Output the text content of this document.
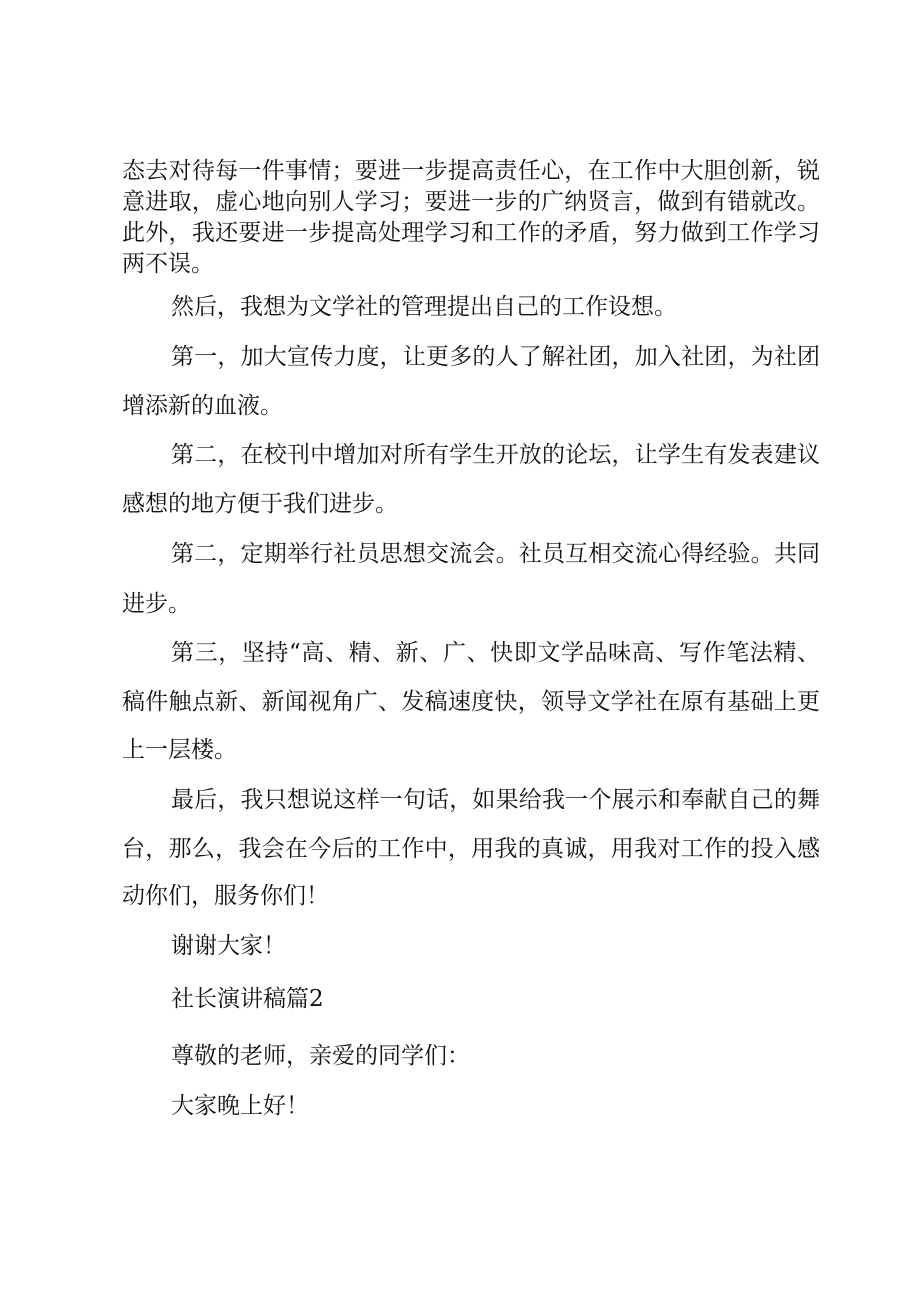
态去对待每一件事情；要进一步提高责任心，在工作中大胆创新，锐
意进取，虚心地向别人学习；要进一步的广纳贤言，做到有错就改。
此外，我还要进一步提高处理学习和工作的矛盾，努力做到工作学习
两不误。
然后，我想为文学社的管理提出自己的工作设想。
第一，加大宣传力度，让更多的人了解社团，加入社团，为社团
增添新的血液。
第二，在校刊中增加对所有学生开放的论坛，让学生有发表建议
感想的地方便于我们进步。
第二，定期举行社员思想交流会。社员互相交流心得经验。共同
进步。
第三，坚持“高、精、新、广、快即文学品味高、写作笔法精、
稿件触点新、新闻视角广、发稿速度快，领导文学社在原有基础上更
上一层楼。
最后，我只想说这样一句话，如果给我一个展示和奉献自己的舞
台，那么，我会在今后的工作中，用我的真诚，用我对工作的投入感
动你们，服务你们！
谢谢大家！
社长演讲稿篇2
尊敬的老师，亲爱的同学们：
大家晚上好！
